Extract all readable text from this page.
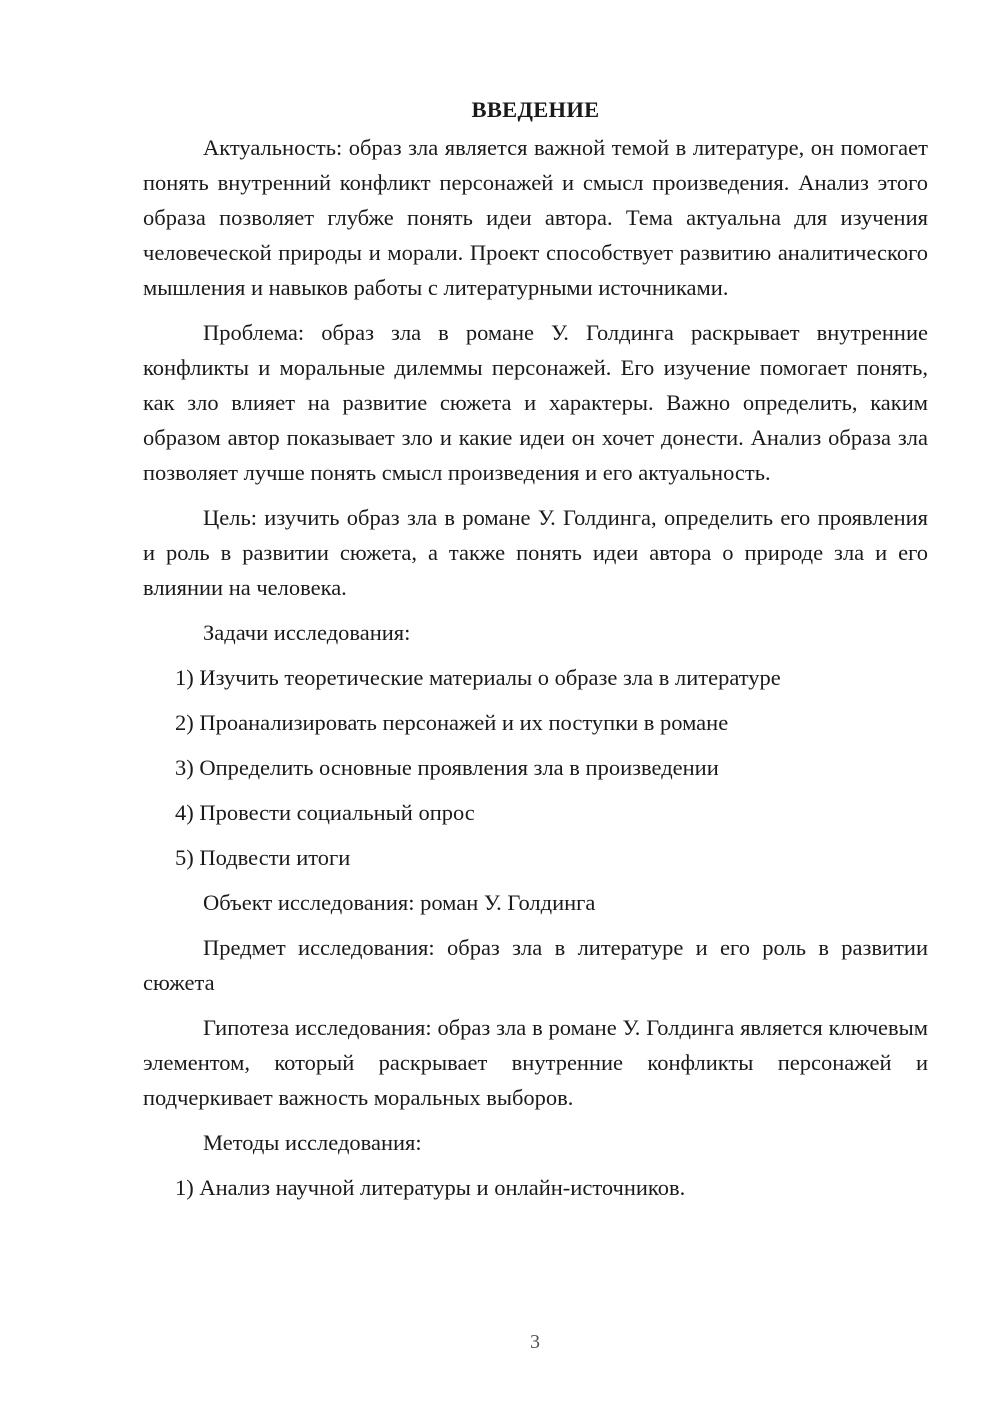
ВВЕДЕНИЕ
Актуальность: образ зла является важной темой в литературе, он помогает понять внутренний конфликт персонажей и смысл произведения. Анализ этого образа позволяет глубже понять идеи автора. Тема актуальна для изучения человеческой природы и морали. Проект способствует развитию аналитического мышления и навыков работы с литературными источниками.
Проблема: образ зла в романе У. Голдинга раскрывает внутренние конфликты и моральные дилеммы персонажей. Его изучение помогает понять, как зло влияет на развитие сюжета и характеры. Важно определить, каким образом автор показывает зло и какие идеи он хочет донести. Анализ образа зла позволяет лучше понять смысл произведения и его актуальность.
Цель: изучить образ зла в романе У. Голдинга, определить его проявления и роль в развитии сюжета, а также понять идеи автора о природе зла и его влиянии на человека.
Задачи исследования:
1) Изучить теоретические материалы о образе зла в литературе
2) Проанализировать персонажей и их поступки в романе
3) Определить основные проявления зла в произведении
4) Провести социальный опрос
5) Подвести итоги
Объект исследования: роман У. Голдинга
Предмет исследования: образ зла в литературе и его роль в развитии сюжета
Гипотеза исследования: образ зла в романе У. Голдинга является ключевым элементом, который раскрывает внутренние конфликты персонажей и подчеркивает важность моральных выборов.
Методы исследования:
1) Анализ научной литературы и онлайн-источников.
3
